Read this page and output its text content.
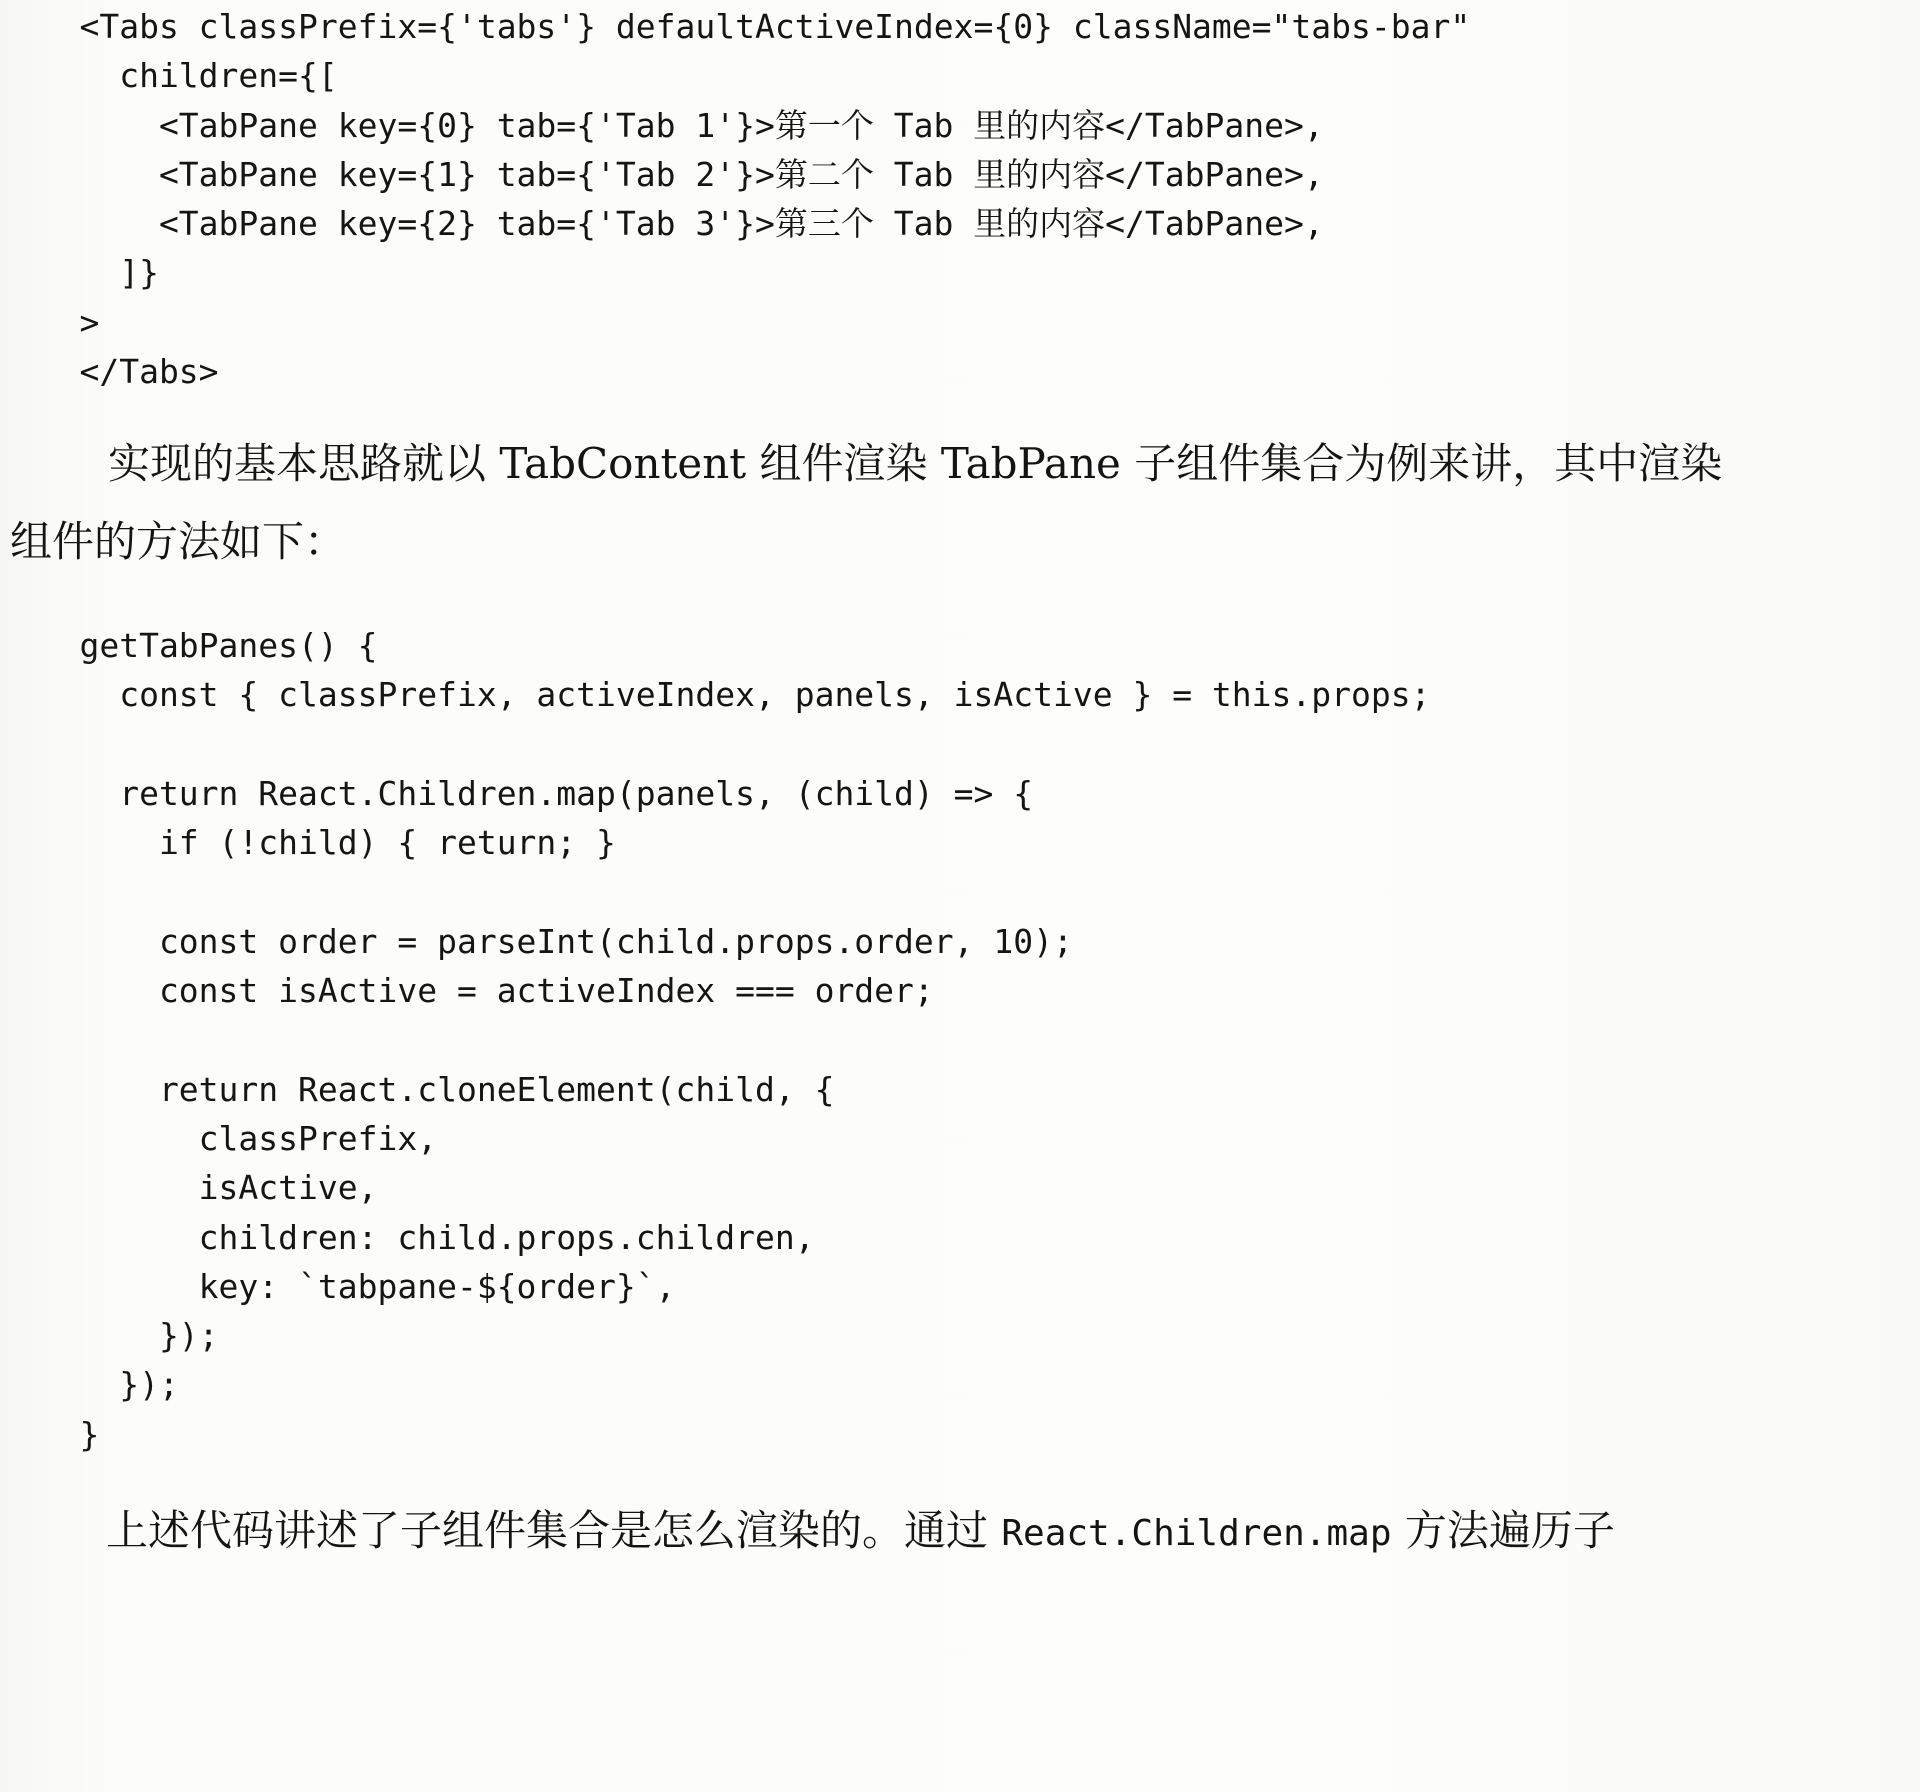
<Tabs classPrefix={'tabs'} defaultActiveIndex={0} className="tabs-bar"
children={[
<TabPane key={0} tab={'Tab 1'}>第一个 Tab 里的内容</TabPane>,
<TabPane key={1} tab={'Tab 2'}>第二个 Tab 里的内容</TabPane>,
<TabPane key={2} tab={'Tab 3'}>第三个 Tab 里的内容</TabPane>,
]}
>
</Tabs>
实现的基本思路就以 TabContent 组件渲染 TabPane 子组件集合为例来讲，其中渲染
组件的方法如下：
getTabPanes() {
const { classPrefix, activeIndex, panels, isActive } = this.props;
return React.Children.map(panels, (child) => {
if (!child) { return; }
const order = parseInt(child.props.order, 10);
const isActive = activeIndex === order;
return React.cloneElement(child, {
classPrefix,
isActive,
children: child.props.children,
key: `tabpane-${order}`,
});
});
}
上述代码讲述了子组件集合是怎么渲染的。通过 React.Children.map 方法遍历子
